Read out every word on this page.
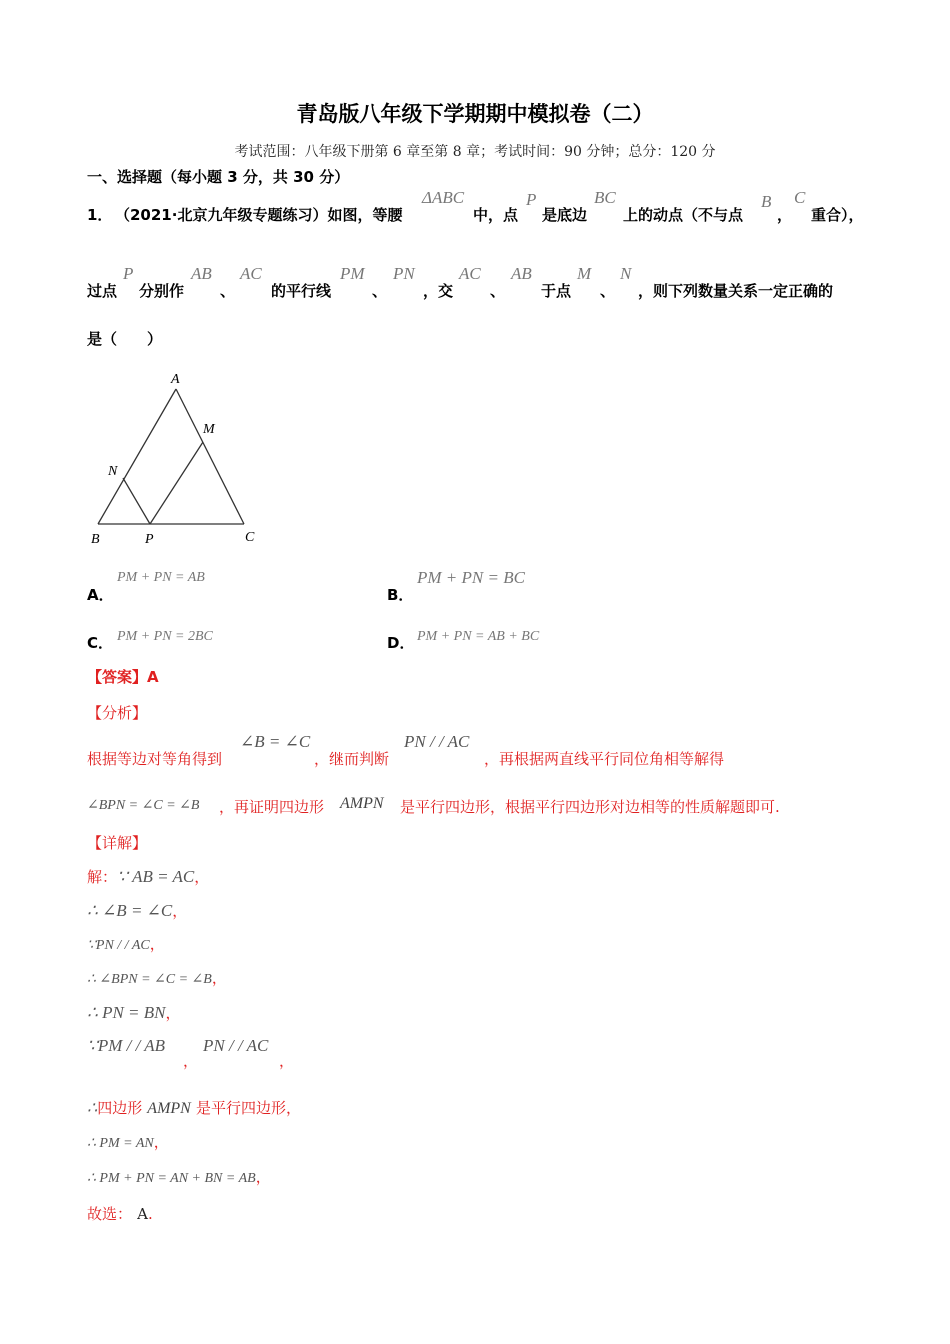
青岛版八年级下学期期中模拟卷（二）
考试范围：八年级下册第 6 章至第 8 章；考试时间：90 分钟；总分：120 分
一、选择题（每小题 3 分，共 30 分）
1． （2021·北京九年级专题练习）如图，等腰
ΔABC
中，点
P
是底边
BC
上的动点（不与点
B
，
C
重合），
过点
P
分别作
AB
、
AC
的平行线
PM
、
PN
，交
AC
、
AB
于点
M
、
N
，则下列数量关系一定正确的
是（　　）
A
M
N
B	P	C
A．
PM + PN = AB
B．
PM + PN = BC
C． PM + PN = 2BC	D． PM + PN = AB + BC
【答案】A
【分析】
根据等边对等角得到
∠B = ∠C
，继而判断
PN / / AC
，再根据两直线平行同位角相等解得
∠BPN = ∠C = ∠B ，再证明四边形 AMPN 是平行四边形，根据平行四边形对边相等的性质解题即可.
【详解】
解：∵ AB = AC，
∴ ∠B = ∠C，
∵PN / / AC，
∴ ∠BPN = ∠C = ∠B，
∴ PN = BN，
∵PM / / AB
，
PN / / AC
，
∴四边形 AMPN 是平行四边形，
∴ PM = AN，
∴ PM + PN = AN + BN = AB，
故选： A.
